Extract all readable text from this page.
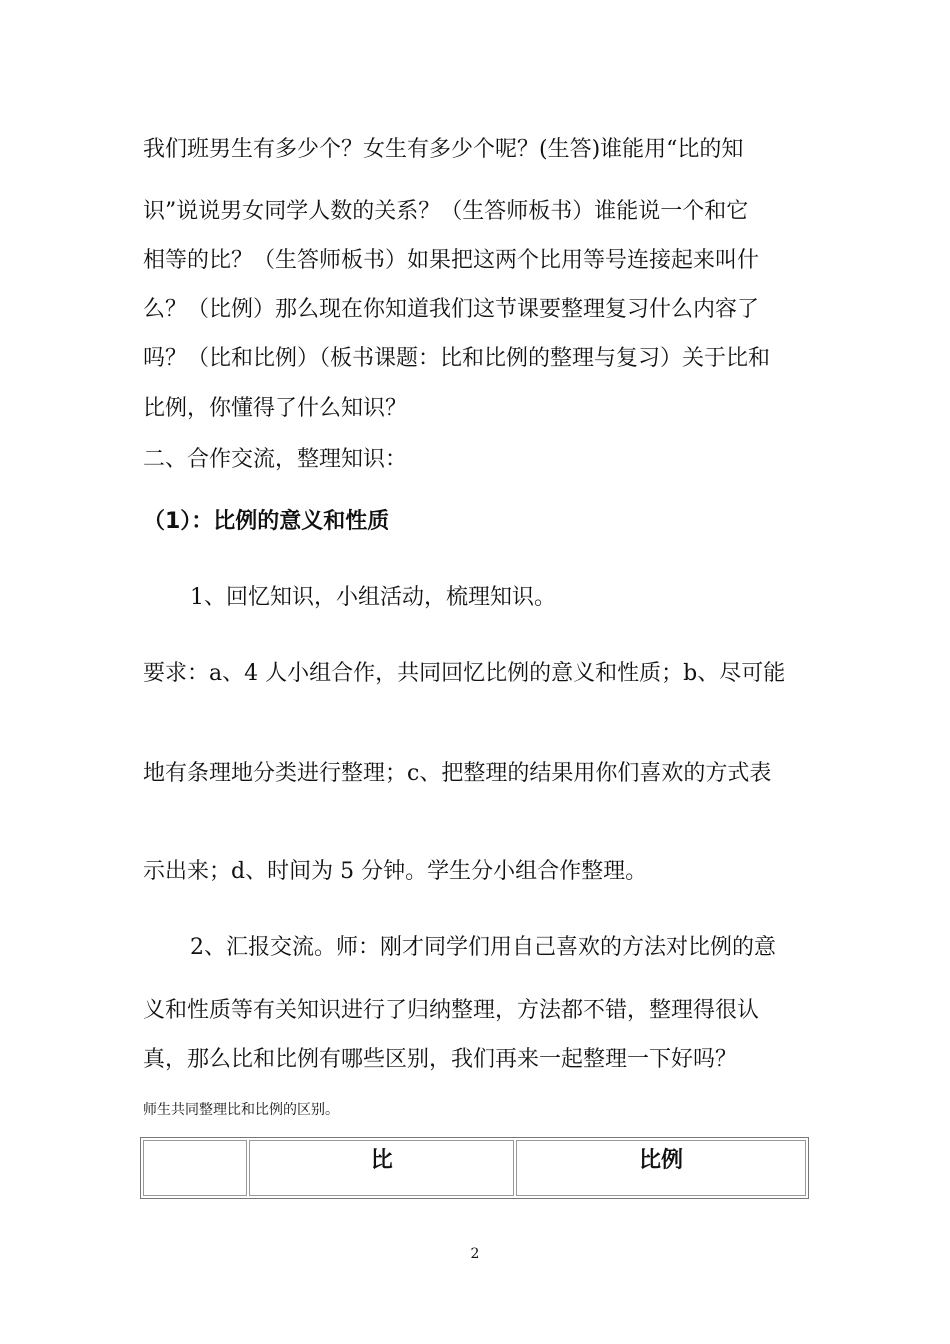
我们班男生有多少个？女生有多少个呢？(生答)谁能用“比的知
识”说说男女同学人数的关系？（生答师板书）谁能说一个和它
相等的比？（生答师板书）如果把这两个比用等号连接起来叫什
么？（比例）那么现在你知道我们这节课要整理复习什么内容了
吗？（比和比例）（板书课题：比和比例的整理与复习）关于比和
比例，你懂得了什么知识？
二、合作交流，整理知识：
（1）：比例的意义和性质
1、回忆知识，小组活动，梳理知识。
要求：a、4 人小组合作，共同回忆比例的意义和性质；b、尽可能
地有条理地分类进行整理；c、把整理的结果用你们喜欢的方式表
示出来；d、时间为 5 分钟。学生分小组合作整理。
2、汇报交流。师：刚才同学们用自己喜欢的方法对比例的意
义和性质等有关知识进行了归纳整理，方法都不错，整理得很认
真，那么比和比例有哪些区别，我们再来一起整理一下好吗？
师生共同整理比和比例的区别。
	比	比例
2
